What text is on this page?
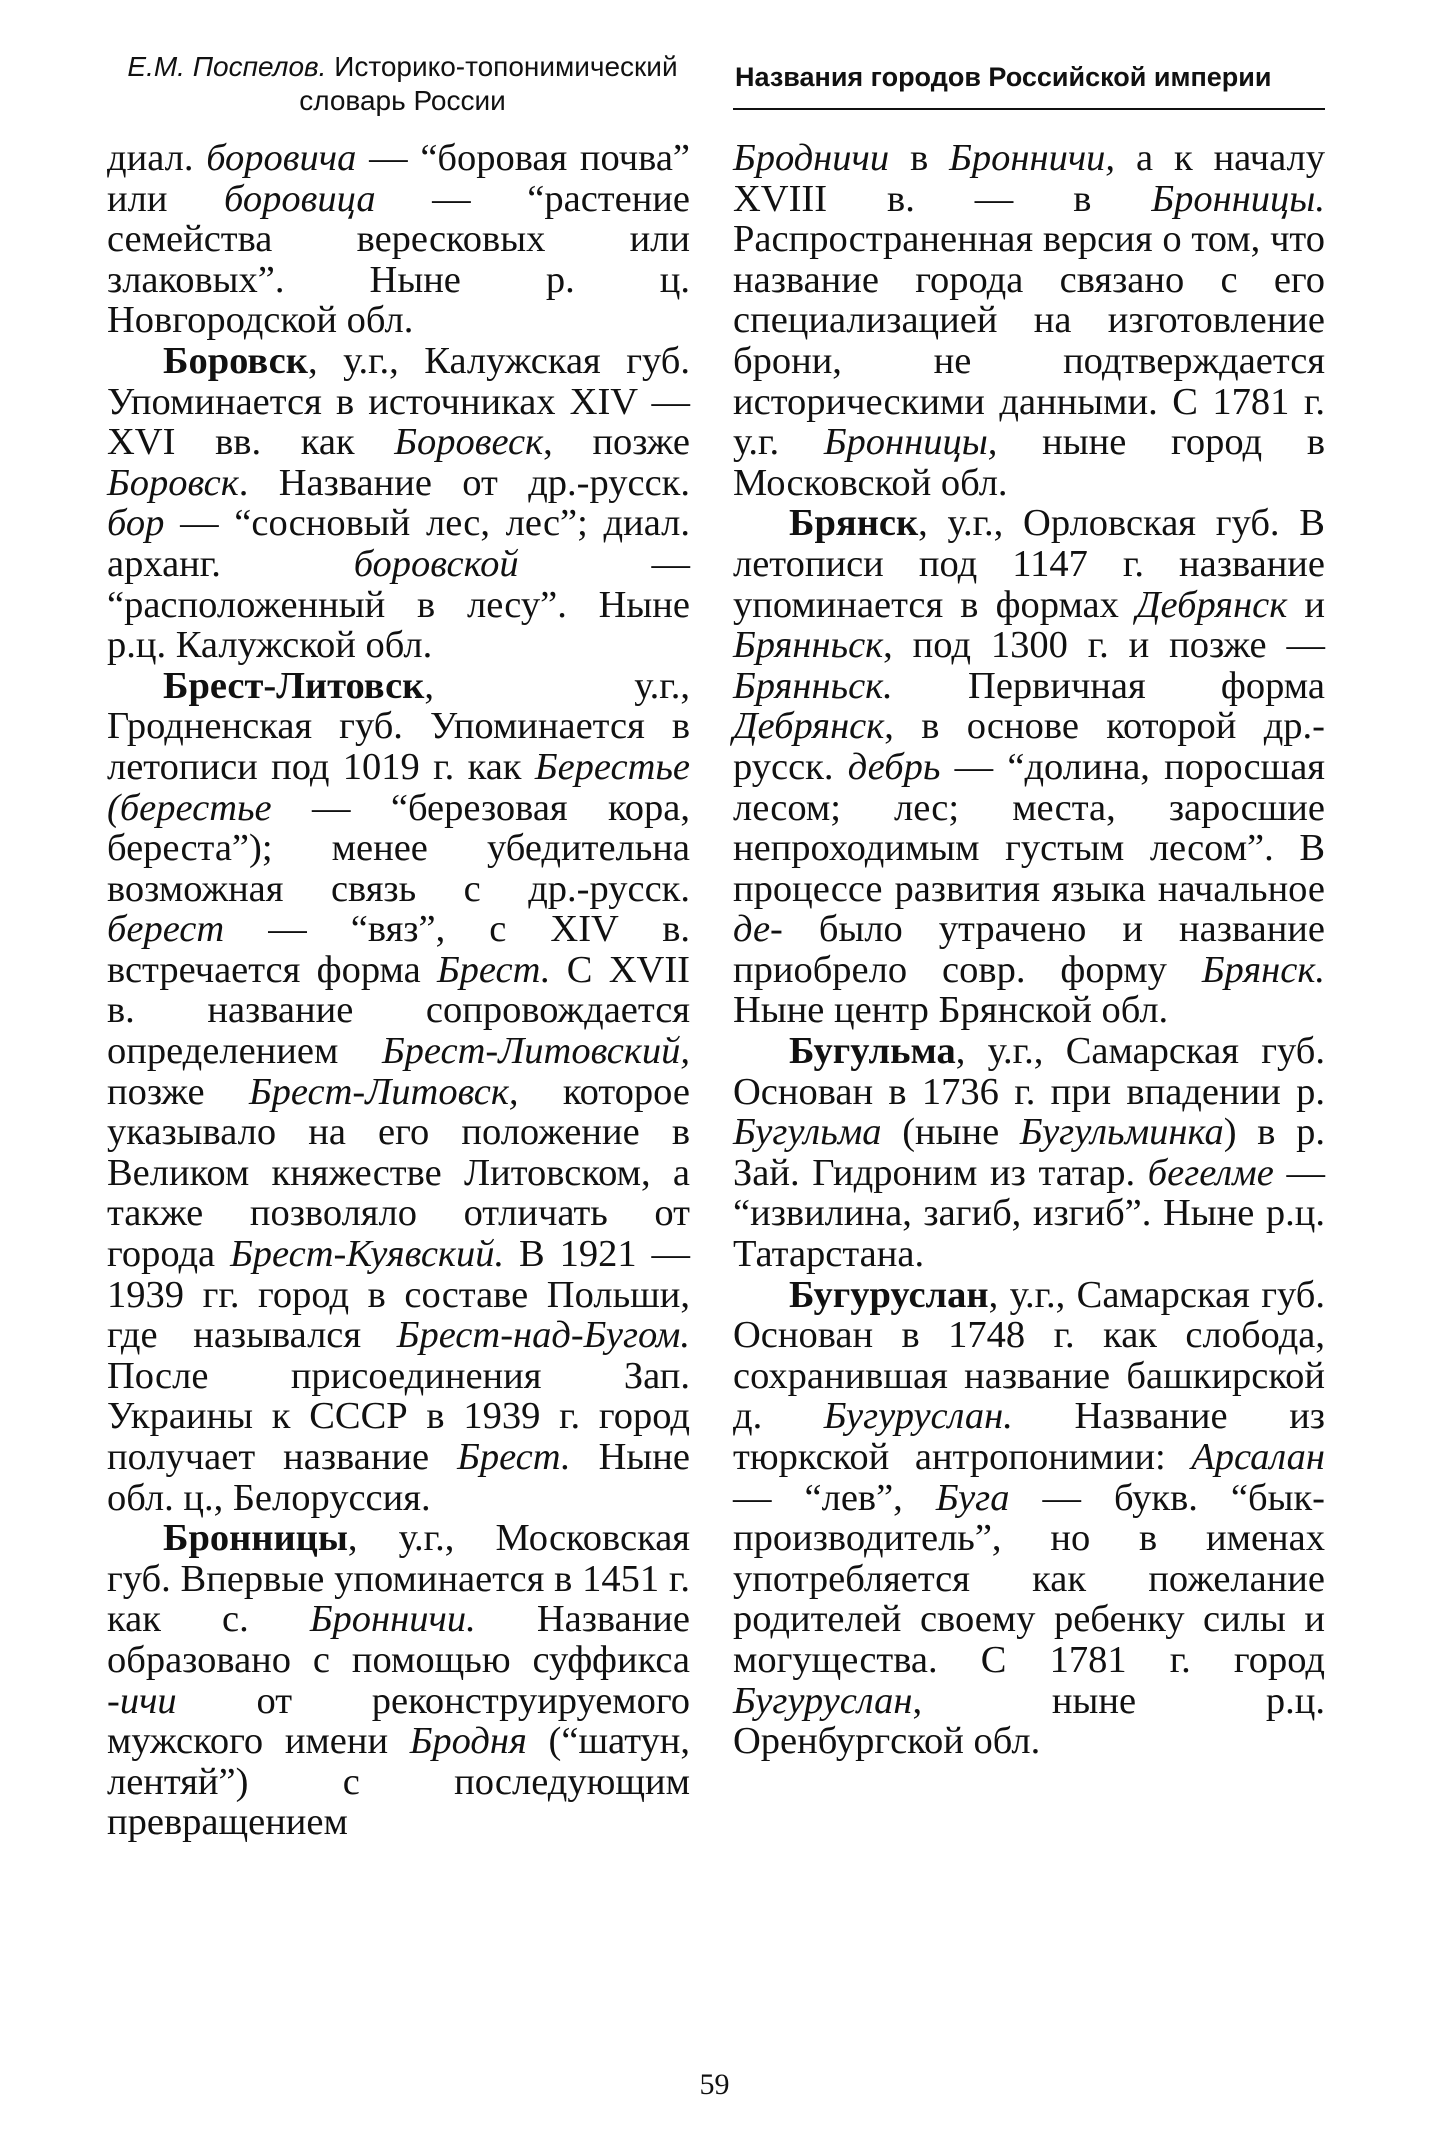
Е.М. Поспелов. Историко-топонимический
словарь России
Названия городов Российской империи

диал. боровича — “боровая почва” или боровица — “растение семейства вересковых или злаковых”. Ныне р. ц. Новгородской обл.

Боровск, у.г., Калужская губ. Упоминается в источниках XIV — XVI вв. как Боровеск, позже Боровск. Название от др.-русск. бор — “сосновый лес, лес”; диал. арханг. боровской — “расположенный в лесу”. Ныне р.ц. Калужской обл.

Брест-Литовск, у.г., Гродненская губ. Упоминается в летописи под 1019 г. как Берестье (берестье — “березовая кора, береста”); менее убедительна возможная связь с др.-русск. берест — “вяз”, с XIV в. встречается форма Брест. С XVII в. название сопровождается определением Брест-Литовский, позже Брест-Литовск, которое указывало на его положение в Великом княжестве Литовском, а также позволяло отличать от города Брест-Куявский. В 1921 — 1939 гг. город в составе Польши, где назывался Брест-над-Бугом. После присоединения Зап. Украины к СССР в 1939 г. город получает название Брест. Ныне обл. ц., Белоруссия.

Бронницы, у.г., Московская губ. Впервые упоминается в 1451 г. как с. Бронничи. Название образовано с помощью суффикса -ичи от реконструируемого мужского имени Бродня (“шатун, лентяй”) с последующим превращением

Бродничи в Бронничи, а к началу XVIII в. — в Бронницы. Распространенная версия о том, что название города связано с его специализацией на изготовление брони, не подтверждается историческими данными. С 1781 г. у.г. Бронницы, ныне город в Московской обл.

Брянск, у.г., Орловская губ. В летописи под 1147 г. название упоминается в формах Дебрянск и Брянньск, под 1300 г. и позже — Брянньск. Первичная форма Дебрянск, в основе которой др.-русск. дебрь — “долина, поросшая лесом; лес; места, заросшие непроходимым густым лесом”. В процессе развития языка начальное де- было утрачено и название приобрело совр. форму Брянск. Ныне центр Брянской обл.

Бугульма, у.г., Самарская губ. Основан в 1736 г. при впадении р. Бугульма (ныне Бугульминка) в р. Зай. Гидроним из татар. бегелме — “извилина, загиб, изгиб”. Ныне р.ц. Татарстана.

Бугуруслан, у.г., Самарская губ. Основан в 1748 г. как слобода, сохранившая название башкирской д. Бугуруслан. Название из тюркской антропонимии: Арсалан — “лев”, Буга — букв. “бык-производитель”, но в именах употребляется как пожелание родителей своему ребенку силы и могущества. С 1781 г. город Бугуруслан, ныне р.ц. Оренбургской обл.

59
